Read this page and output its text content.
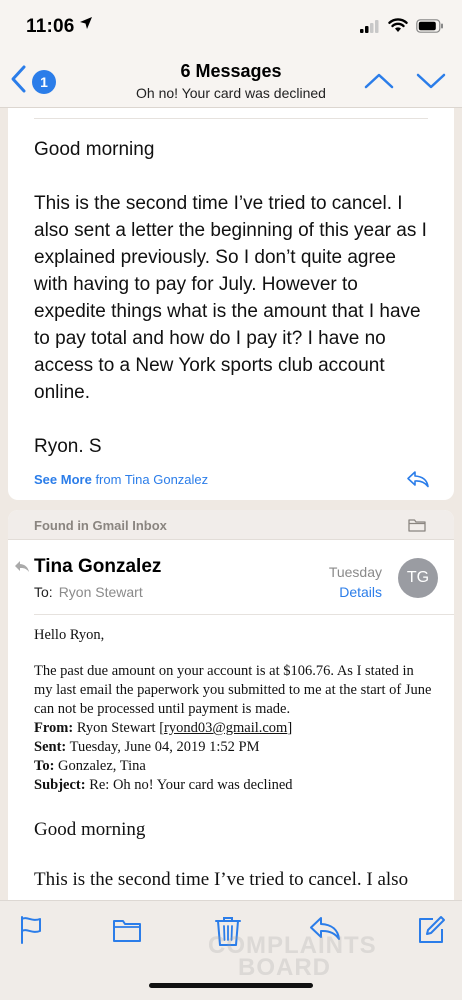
11:06
1
6 Messages
Oh no! Your card was declined

Good morning

This is the second time I’ve tried to cancel. I also sent a letter the beginning of this year as I explained previously. So I don’t quite agree with having to pay for July. However to expedite things what is the amount that I have to pay total and how do I pay it? I have no access to a New York sports club account online.

Ryon. S

See More from Tina Gonzalez
Found in Gmail Inbox
Tina Gonzalez
To: Ryon Stewart
Tuesday
Details
TG
Hello Ryon,
The past due amount on your account is at $106.76. As I stated in my last email the paperwork you submitted to me at the start of June can not be processed until payment is made.
From: Ryon Stewart [ryond03@gmail.com]
Sent: Tuesday, June 04, 2019 1:52 PM
To: Gonzalez, Tina
Subject: Re: Oh no! Your card was declined
Good morning
This is the second time I’ve tried to cancel. I also
COMPLAINTS
BOARD
